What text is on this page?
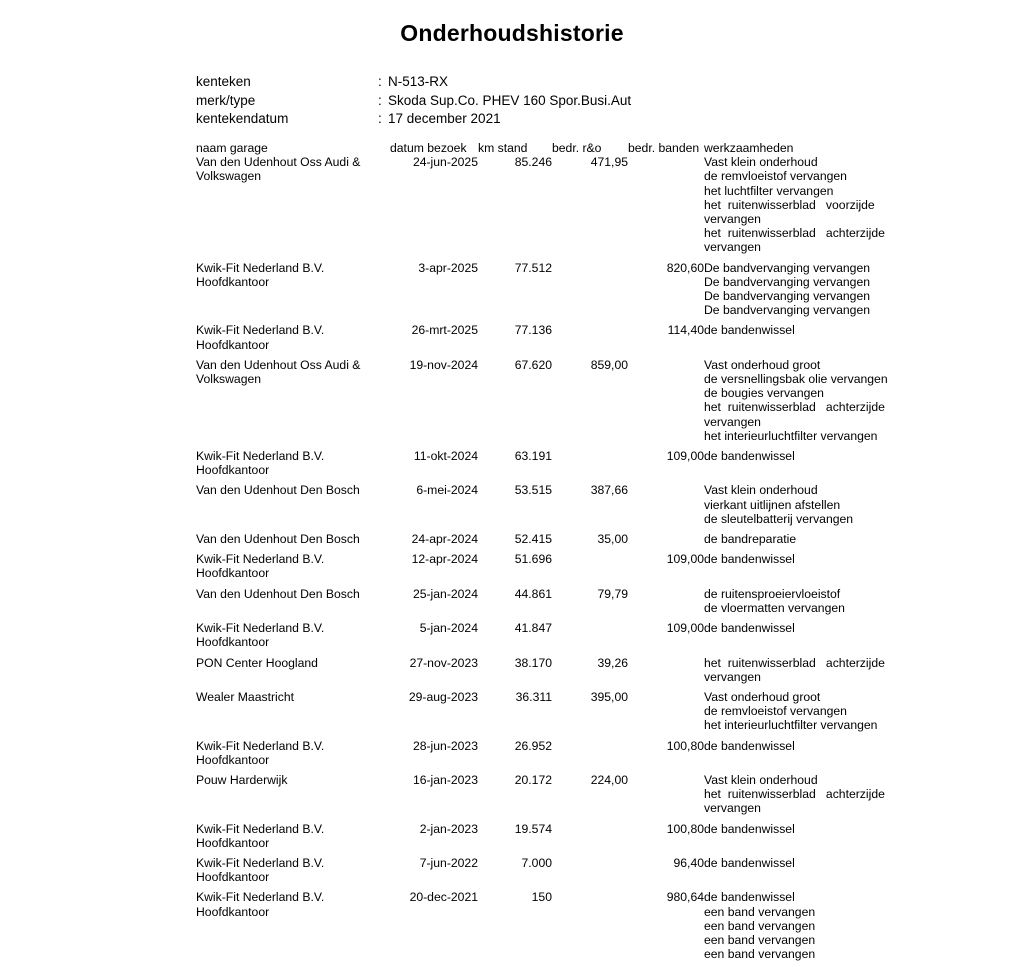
Onderhoudshistorie
kenteken	: N-513-RX
merk/type	: Skoda Sup.Co. PHEV 160 Spor.Busi.Aut
kentekendatum	: 17 december 2021
naam garage	datum bezoek	km stand	bedr. r&o	bedr. banden	werkzaamheden

Van den Udenhout Oss Audi &
Volkswagen
	24-jun-2025	85.246	471,95		Vast klein onderhoud
de remvloeistof vervangen
het luchtfilter vervangen
het  ruitenwisserblad   voorzijde
vervangen
het  ruitenwisserblad   achterzijde
vervangen

Kwik-Fit Nederland B.V.
Hoofdkantoor	3-apr-2025	77.512		820,60	De bandvervanging vervangen
De bandvervanging vervangen
De bandvervanging vervangen
De bandvervanging vervangen

Kwik-Fit Nederland B.V.
Hoofdkantoor	26-mrt-2025	77.136		114,40	de bandenwissel

Van den Udenhout Oss Audi &
Volkswagen
	19-nov-2024	67.620	859,00		Vast onderhoud groot
de versnellingsbak olie vervangen
de bougies vervangen
het  ruitenwisserblad   achterzijde
vervangen
het interieurluchtfilter vervangen

Kwik-Fit Nederland B.V.
Hoofdkantoor	11-okt-2024	63.191		109,00	de bandenwissel

Van den Udenhout Den Bosch	6-mei-2024	53.515	387,66		Vast klein onderhoud
vierkant uitlijnen afstellen
de sleutelbatterij vervangen

Van den Udenhout Den Bosch	24-apr-2024	52.415	35,00		de bandreparatie

Kwik-Fit Nederland B.V.
Hoofdkantoor	12-apr-2024	51.696		109,00	de bandenwissel

Van den Udenhout Den Bosch	25-jan-2024	44.861	79,79		de ruitensproeiervloeistof
de vloermatten vervangen

Kwik-Fit Nederland B.V.
Hoofdkantoor	5-jan-2024	41.847		109,00	de bandenwissel

PON Center Hoogland	27-nov-2023	38.170	39,26		het  ruitenwisserblad   achterzijde
vervangen

Wealer Maastricht	29-aug-2023	36.311	395,00		Vast onderhoud groot
de remvloeistof vervangen
het interieurluchtfilter vervangen

Kwik-Fit Nederland B.V.
Hoofdkantoor	28-jun-2023	26.952		100,80	de bandenwissel

Pouw Harderwijk	16-jan-2023	20.172	224,00		Vast klein onderhoud
het  ruitenwisserblad   achterzijde
vervangen

Kwik-Fit Nederland B.V.
Hoofdkantoor	2-jan-2023	19.574		100,80	de bandenwissel

Kwik-Fit Nederland B.V.
Hoofdkantoor	7-jun-2022	7.000		96,40	de bandenwissel

Kwik-Fit Nederland B.V.
Hoofdkantoor	20-dec-2021	150		980,64	de bandenwissel
een band vervangen
een band vervangen
een band vervangen
een band vervangen
